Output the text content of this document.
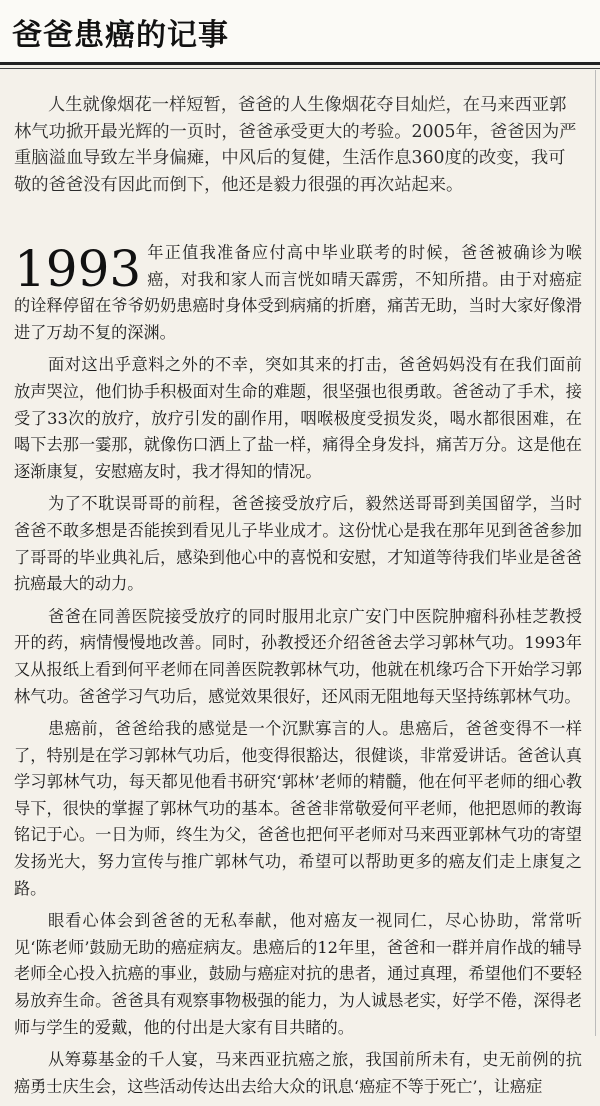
爸爸患癌的记事

人生就像烟花一样短暂，爸爸的人生像烟花夺目灿烂，在马来西亚郭林气功掀开最光辉的一页时，爸爸承受更大的考验。2005年，爸爸因为严重脑溢血导致左半身偏瘫，中风后的复健，生活作息360度的改变，我可敬的爸爸没有因此而倒下，他还是毅力很强的再次站起来。

1993 年正值我准备应付高中毕业联考的时候，爸爸被确诊为喉癌，对我和家人而言恍如晴天霹雳，不知所措。由于对癌症的诠释停留在爷爷奶奶患癌时身体受到病痛的折磨，痛苦无助，当时大家好像滑进了万劫不复的深渊。

面对这出乎意料之外的不幸，突如其来的打击，爸爸妈妈没有在我们面前放声哭泣，他们协手积极面对生命的难题，很坚强也很勇敢。爸爸动了手术，接受了33次的放疗，放疗引发的副作用，咽喉极度受损发炎，喝水都很困难，在喝下去那一霎那，就像伤口洒上了盐一样，痛得全身发抖，痛苦万分。这是他在逐渐康复，安慰癌友时，我才得知的情况。

为了不耽误哥哥的前程，爸爸接受放疗后，毅然送哥哥到美国留学，当时爸爸不敢多想是否能挨到看见儿子毕业成才。这份忧心是我在那年见到爸爸参加了哥哥的毕业典礼后，感染到他心中的喜悦和安慰，才知道等待我们毕业是爸爸抗癌最大的动力。

爸爸在同善医院接受放疗的同时服用北京广安门中医院肿瘤科孙桂芝教授开的药，病情慢慢地改善。同时，孙教授还介绍爸爸去学习郭林气功。1993年又从报纸上看到何平老师在同善医院教郭林气功，他就在机缘巧合下开始学习郭林气功。爸爸学习气功后，感觉效果很好，还风雨无阻地每天坚持练郭林气功。

患癌前，爸爸给我的感觉是一个沉默寡言的人。患癌后，爸爸变得不一样了，特别是在学习郭林气功后，他变得很豁达，很健谈，非常爱讲话。爸爸认真学习郭林气功，每天都见他看书研究‘郭林’老师的精髓，他在何平老师的细心教导下，很快的掌握了郭林气功的基本。爸爸非常敬爱何平老师，他把恩师的教诲铭记于心。一日为师，终生为父，爸爸也把何平老师对马来西亚郭林气功的寄望发扬光大，努力宣传与推广郭林气功，希望可以帮助更多的癌友们走上康复之路。

眼看心体会到爸爸的无私奉献，他对癌友一视同仁，尽心协助，常常听见‘陈老师’鼓励无助的癌症病友。患癌后的12年里，爸爸和一群并肩作战的辅导老师全心投入抗癌的事业，鼓励与癌症对抗的患者，通过真理，希望他们不要轻易放弃生命。爸爸具有观察事物极强的能力，为人诚恳老实，好学不倦，深得老师与学生的爱戴，他的付出是大家有目共睹的。

从筹募基金的千人宴，马来西亚抗癌之旅，我国前所未有，史无前例的抗癌勇士庆生会，这些活动传达出去给大众的讯息‘癌症不等于死亡’，让癌症
